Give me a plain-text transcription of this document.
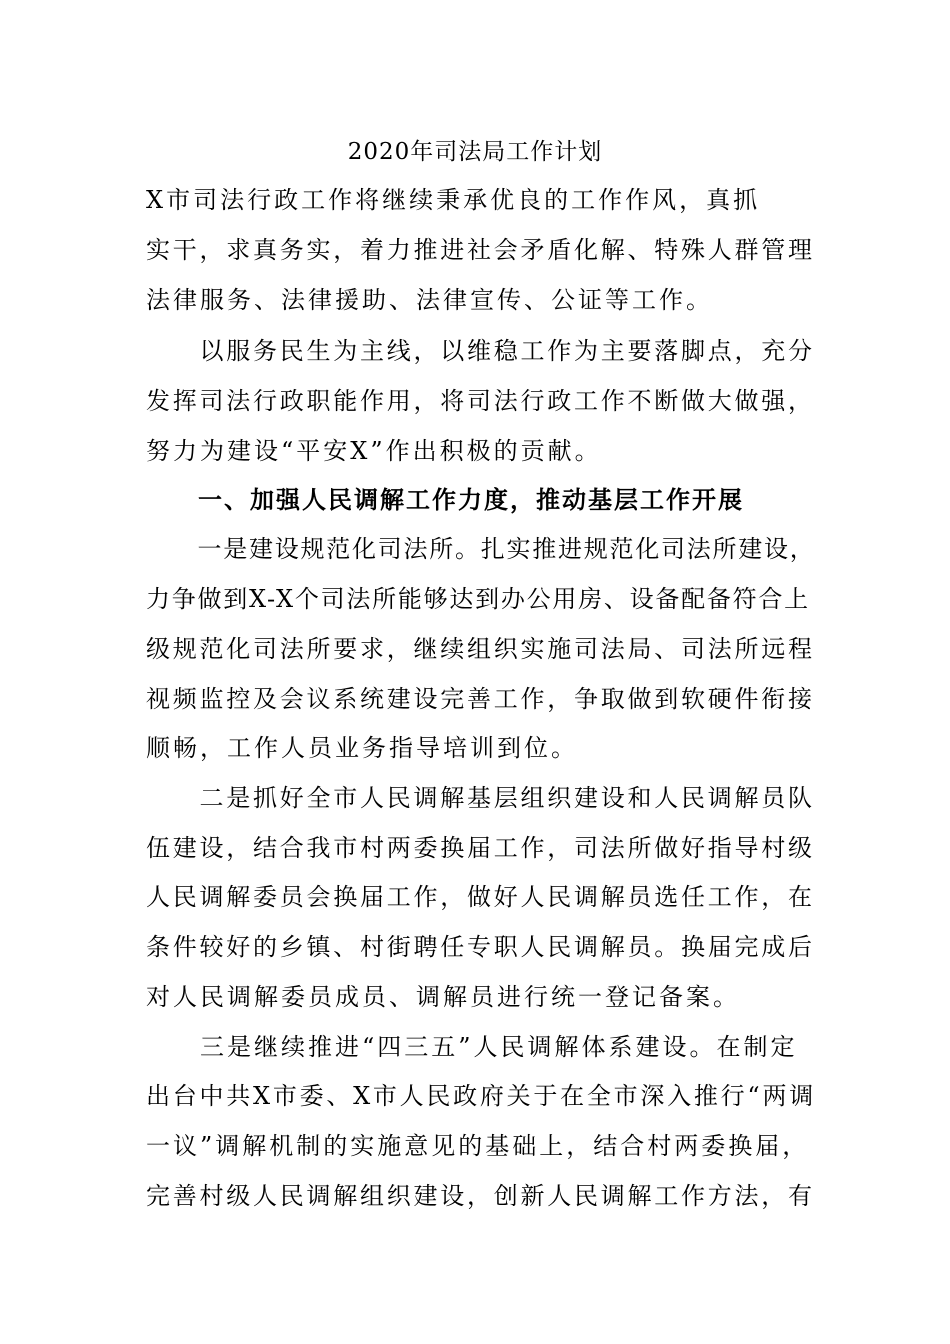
2020年司法局工作计划
X市司法行政工作将继续秉承优良的工作作风，真抓
实干，求真务实，着力推进社会矛盾化解、特殊人群管理
法律服务、法律援助、法律宣传、公证等工作。
　　以服务民生为主线，以维稳工作为主要落脚点，充分
发挥司法行政职能作用，将司法行政工作不断做大做强，
努力为建设“平安X”作出积极的贡献。
　　一、加强人民调解工作力度，推动基层工作开展
　　一是建设规范化司法所。扎实推进规范化司法所建设，
力争做到X-X个司法所能够达到办公用房、设备配备符合上
级规范化司法所要求，继续组织实施司法局、司法所远程
视频监控及会议系统建设完善工作，争取做到软硬件衔接
顺畅，工作人员业务指导培训到位。
　　二是抓好全市人民调解基层组织建设和人民调解员队
伍建设，结合我市村两委换届工作，司法所做好指导村级
人民调解委员会换届工作，做好人民调解员选任工作，在
条件较好的乡镇、村街聘任专职人民调解员。换届完成后
对人民调解委员成员、调解员进行统一登记备案。
　　三是继续推进“四三五”人民调解体系建设。在制定
出台中共X市委、X市人民政府关于在全市深入推行“两调
一议”调解机制的实施意见的基础上，结合村两委换届，
完善村级人民调解组织建设，创新人民调解工作方法，有
